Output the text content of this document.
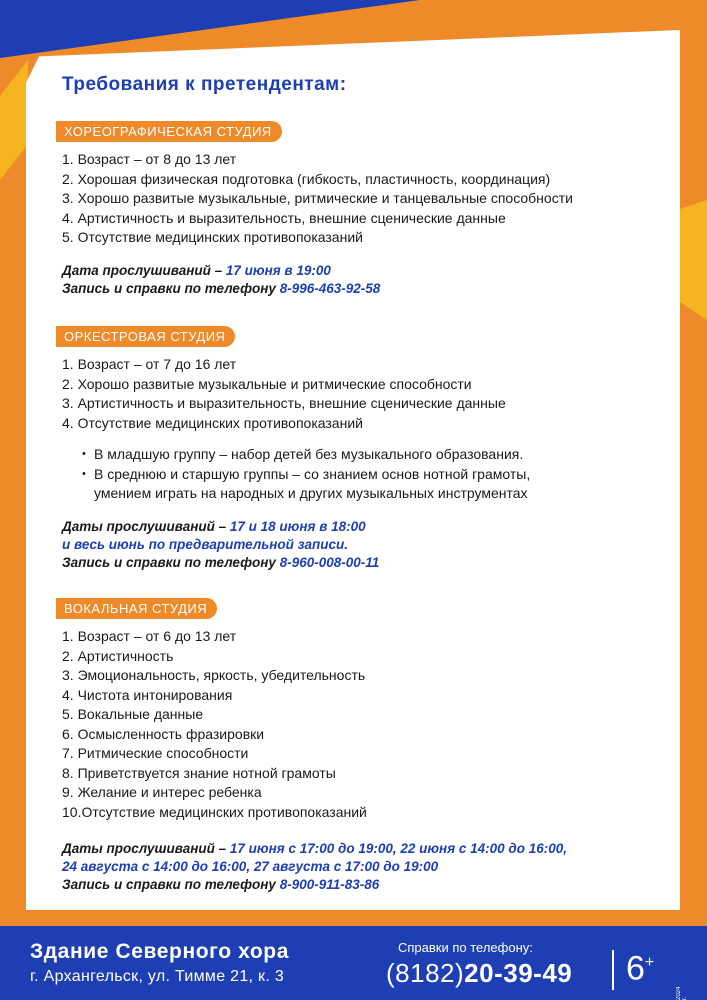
Требования к претендентам:
ХОРЕОГРАФИЧЕСКАЯ СТУДИЯ
1. Возраст – от 8 до 13 лет
2. Хорошая физическая подготовка (гибкость, пластичность, координация)
3. Хорошо развитые музыкальные, ритмические и танцевальные способности
4. Артистичность и выразительность, внешние сценические данные
5. Отсутствие медицинских противопоказаний
Дата прослушиваний – 17 июня в 19:00
Запись и справки по телефону 8-996-463-92-58
ОРКЕСТРОВАЯ СТУДИЯ
1. Возраст – от 7 до 16 лет
2. Хорошо развитые музыкальные и ритмические способности
3. Артистичность и выразительность, внешние сценические данные
4. Отсутствие медицинских противопоказаний
• В младшую группу – набор детей без музыкального образования.
• В среднюю и старшую группы – со знанием основ нотной грамоты,
умением играть на народных и других музыкальных инструментах
Даты прослушиваний – 17 и 18 июня в 18:00
и весь июнь по предварительной записи.
Запись и справки по телефону 8-960-008-00-11
ВОКАЛЬНАЯ СТУДИЯ
1. Возраст – от 6 до 13 лет
2. Артистичность
3. Эмоциональность, яркость, убедительность
4. Чистота интонирования
5. Вокальные данные
6. Осмысленность фразировки
7. Ритмические способности
8. Приветствуется знание нотной грамоты
9. Желание и интерес ребенка
10.Отсутствие медицинских противопоказаний
Даты прослушиваний – 17 июня с 17:00 до 19:00, 22 июня с 14:00 до 16:00,
24 августа с 14:00 до 16:00, 27 августа с 17:00 до 19:00
Запись и справки по телефону 8-900-911-83-86
Здание Северного хора
г. Архангельск, ул. Тимме 21, к. 3
Справки по телефону:
(8182)20-39-49 6+
2024 г.
